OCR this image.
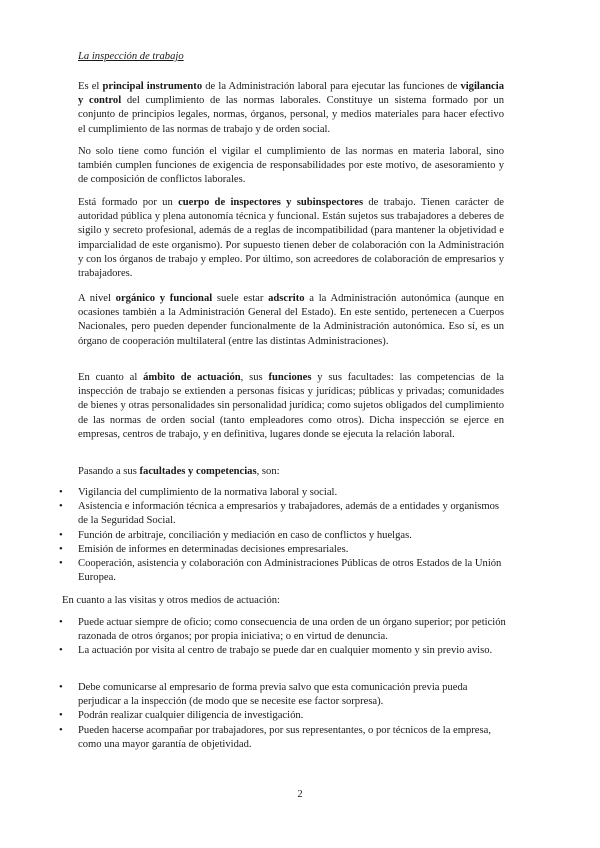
La inspección de trabajo

Es el principal instrumento de la Administración laboral para ejecutar las funciones de vigilancia y control del cumplimiento de las normas laborales. Constituye un sistema formado por un conjunto de principios legales, normas, órganos, personal, y medios materiales para hacer efectivo el cumplimiento de las normas de trabajo y de orden social.

No solo tiene como función el vigilar el cumplimiento de las normas en materia laboral, sino también cumplen funciones de exigencia de responsabilidades por este motivo, de asesoramiento y de composición de conflictos laborales.

Está formado por un cuerpo de inspectores y subinspectores de trabajo. Tienen carácter de autoridad pública y plena autonomía técnica y funcional. Están sujetos sus trabajadores a deberes de sigilo y secreto profesional, además de a reglas de incompatibilidad (para mantener la objetividad e imparcialidad de este organismo). Por supuesto tienen deber de colaboración con la Administración y con los órganos de trabajo y empleo. Por último, son acreedores de colaboración de empresarios y trabajadores.

A nivel orgánico y funcional suele estar adscrito a la Administración autonómica (aunque en ocasiones también a la Administración General del Estado). En este sentido, pertenecen a Cuerpos Nacionales, pero pueden depender funcionalmente de la Administración autonómica. Eso sí, es un órgano de cooperación multilateral (entre las distintas Administraciones).

En cuanto al ámbito de actuación, sus funciones y sus facultades: las competencias de la inspección de trabajo se extienden a personas físicas y jurídicas; públicas y privadas; comunidades de bienes y otras personalidades sin personalidad jurídica; como sujetos obligados del cumplimiento de las normas de orden social (tanto empleadores como otros). Dicha inspección se ejerce en empresas, centros de trabajo, y en definitiva, lugares donde se ejecuta la relación laboral.

Pasando a sus facultades y competencias, son:

• Vigilancia del cumplimiento de la normativa laboral y social.
• Asistencia e información técnica a empresarios y trabajadores, además de a entidades y organismos de la Seguridad Social.
• Función de arbitraje, conciliación y mediación en caso de conflictos y huelgas.
• Emisión de informes en determinadas decisiones empresariales.
• Cooperación, asistencia y colaboración con Administraciones Públicas de otros Estados de la Unión Europea.

En cuanto a las visitas y otros medios de actuación:

• Puede actuar siempre de oficio; como consecuencia de una orden de un órgano superior; por petición razonada de otros órganos; por propia iniciativa; o en virtud de denuncia.
• La actuación por visita al centro de trabajo se puede dar en cualquier momento y sin previo aviso.
• Debe comunicarse al empresario de forma previa salvo que esta comunicación previa pueda perjudicar a la inspección (de modo que se necesite ese factor sorpresa).
• Podrán realizar cualquier diligencia de investigación.
• Pueden hacerse acompañar por trabajadores, por sus representantes, o por técnicos de la empresa, como una mayor garantía de objetividad.
2
